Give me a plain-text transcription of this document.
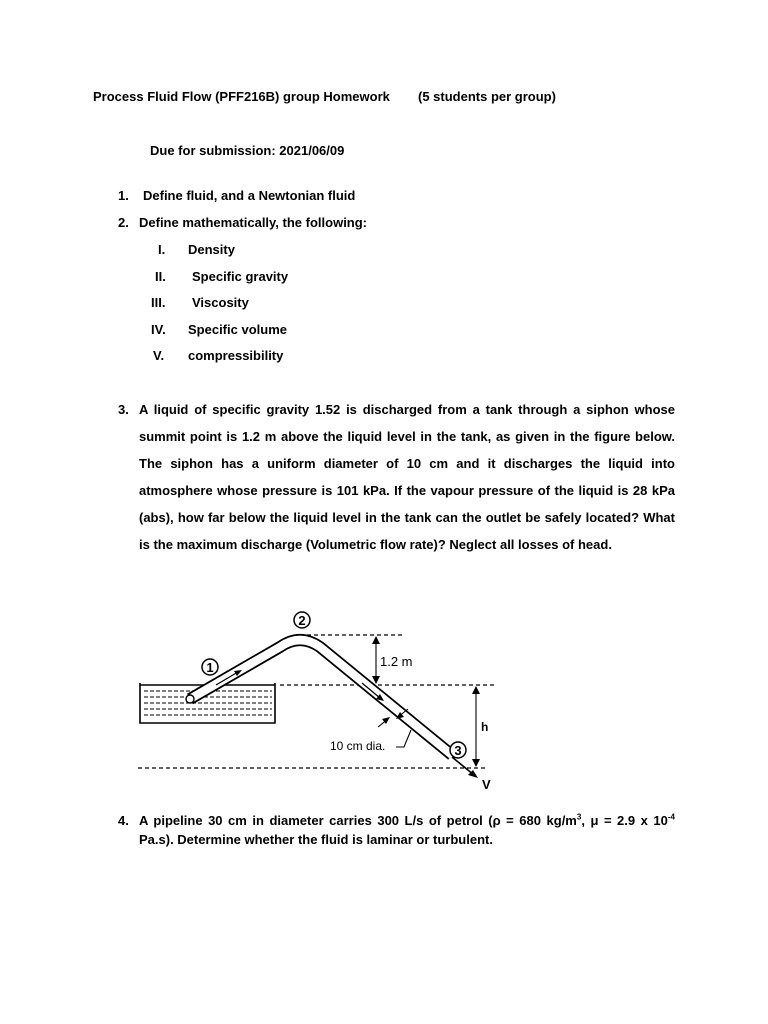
Process Fluid Flow (PFF216B) group Homework (5 students per group)
Due for submission: 2021/06/09
1. Define fluid, and a Newtonian fluid
2. Define mathematically, the following:
I. Density
II. Specific gravity
III. Viscosity
IV. Specific volume
V. compressibility
3. A liquid of specific gravity 1.52 is discharged from a tank through a siphon whose summit point is 1.2 m above the liquid level in the tank, as given in the figure below. The siphon has a uniform diameter of 10 cm and it discharges the liquid into atmosphere whose pressure is 101 kPa. If the vapour pressure of the liquid is 28 kPa (abs), how far below the liquid level in the tank can the outlet be safely located? What is the maximum discharge (Volumetric flow rate)? Neglect all losses of head.
1
2
3
1.2 m
h
10 cm dia.
V
4. A pipeline 30 cm in diameter carries 300 L/s of petrol (ρ = 680 $kg/m^3$, μ = 2.9 x $10^{-4}$ Pa.s). Determine whether the fluid is laminar or turbulent.
